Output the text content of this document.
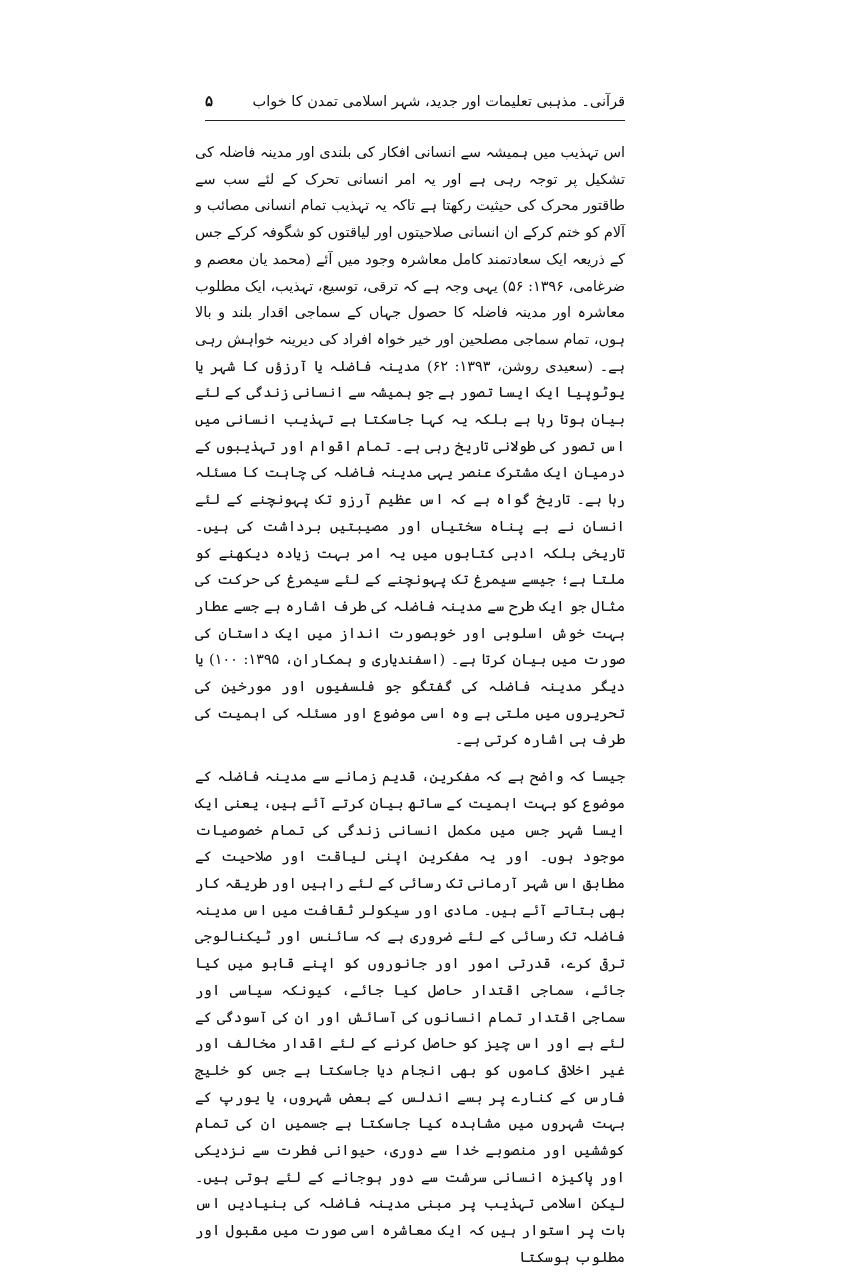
قرآنی۔ مذہبی تعلیمات اور جدید، شہر اسلامی تمدن کا خواب
۵

اس تہذیب میں ہمیشہ سے انسانی افکار کی بلندی اور مدینہ فاضلہ کی تشکیل پر توجہ رہی ہے اور یہ امر انسانی تحرک کے لئے سب سے طاقتور محرک کی حیثیت رکھتا ہے تاکہ یہ تہذیب تمام انسانی مصائب و آلام کو ختم کرکے ان انسانی صلاحیتوں اور لیاقتوں کو شگوفہ کرکے جس کے ذریعہ ایک سعادتمند کامل معاشرہ وجود میں آئے (محمد یان معصم و ضرغامی، ۱۳۹۶: ۵۶) یہی وجہ ہے کہ ترقی، توسیع، تہذیب، ایک مطلوب معاشرہ اور مدینہ فاضلہ کا حصول جہاں کے سماجی اقدار بلند و بالا ہوں، تمام سماجی مصلحین اور خیر خواہ افراد کی دیرینہ خواہش رہی ہے۔ (سعیدی روشن، ۱۳۹۳: ۶۲) مدینہ فاضلہ یا آرزؤں کا شہر یا یوٹوپیا ایک ایسا تصور ہے جو ہمیشہ سے انسانی زندگی کے لئے بیان ہوتا رہا ہے بلکہ یہ کہا جاسکتا ہے تہذیب انسانی میں اس تصور کی طولانی تاریخ رہی ہے۔ تمام اقوام اور تہذیبوں کے درمیان ایک مشترک عنصر یہی مدینہ فاضلہ کی چاہت کا مسئلہ رہا ہے۔ تاریخ گواہ ہے کہ اس عظیم آرزو تک پہونچنے کے لئے انسان نے بے پناہ سختیاں اور مصیبتیں برداشت کی ہیں۔ تاریخی بلکہ ادبی کتابوں میں یہ امر بہت زیادہ دیکھنے کو ملتا ہے؛ جیسے سیمرغ تک پہونچنے کے لئے سیمرغ کی حرکت کی مثال جو ایک طرح سے مدینہ فاضلہ کی طرف اشارہ ہے جسے عطار بہت خوش اسلوبی اور خوبصورت انداز میں ایک داستان کی صورت میں بیان کرتا ہے۔ (اسفندیاری و ہمکاران، ۱۳۹۵: ۱۰۰) یا دیگر مدینہ فاضلہ کی گفتگو جو فلسفیوں اور مورخین کی تحریروں میں ملتی ہے وہ اسی موضوع اور مسئلہ کی اہمیت کی طرف ہی اشارہ کرتی ہے۔

جیسا کہ واضح ہے کہ مفکرین، قدیم زمانے سے مدینہ فاضلہ کے موضوع کو بہت اہمیت کے ساتھ بیان کرتے آئے ہیں، یعنی ایک ایسا شہر جس میں مکمل انسانی زندگی کی تمام خصوصیات موجود ہوں۔ اور یہ مفکرین اپنی لیاقت اور صلاحیت کے مطابق اس شہر آرمانی تک رسائی کے لئے راہیں اور طریقہ کار بھی بتاتے آئے ہیں۔ مادی اور سیکولر ثقافت میں اس مدینہ فاضلہ تک رسائی کے لئے ضروری ہے کہ سائنس اور ٹیکنالوجی ترقی کرے، قدرتی امور اور جانوروں کو اپنے قابو میں کیا جائے، سماجی اقتدار حاصل کیا جائے، کیونکہ سیاسی اور سماجی اقتدار تمام انسانوں کی آسائش اور ان کی آسودگی کے لئے ہے اور اس چیز کو حاصل کرنے کے لئے اقدار مخالف اور غیر اخلاقی کاموں کو بھی انجام دیا جاسکتا ہے جس کو خلیج فارس کے کنارے پر بسے اندلس کے بعض شہروں، یا یورپ کے بہت شہروں میں مشاہدہ کیا جاسکتا ہے جسمیں ان کی تمام کوششیں اور منصوبے خدا سے دوری، حیوانی فطرت سے نزدیکی اور پاکیزہ انسانی سرشت سے دور ہوجانے کے لئے ہوتی ہیں۔ لیکن اسلامی تہذیب پر مبنی مدینہ فاضلہ کی بنیادیں اس بات پر استوار ہیں کہ ایک معاشرہ اسی صورت میں مقبول اور مطلوب ہوسکتا
